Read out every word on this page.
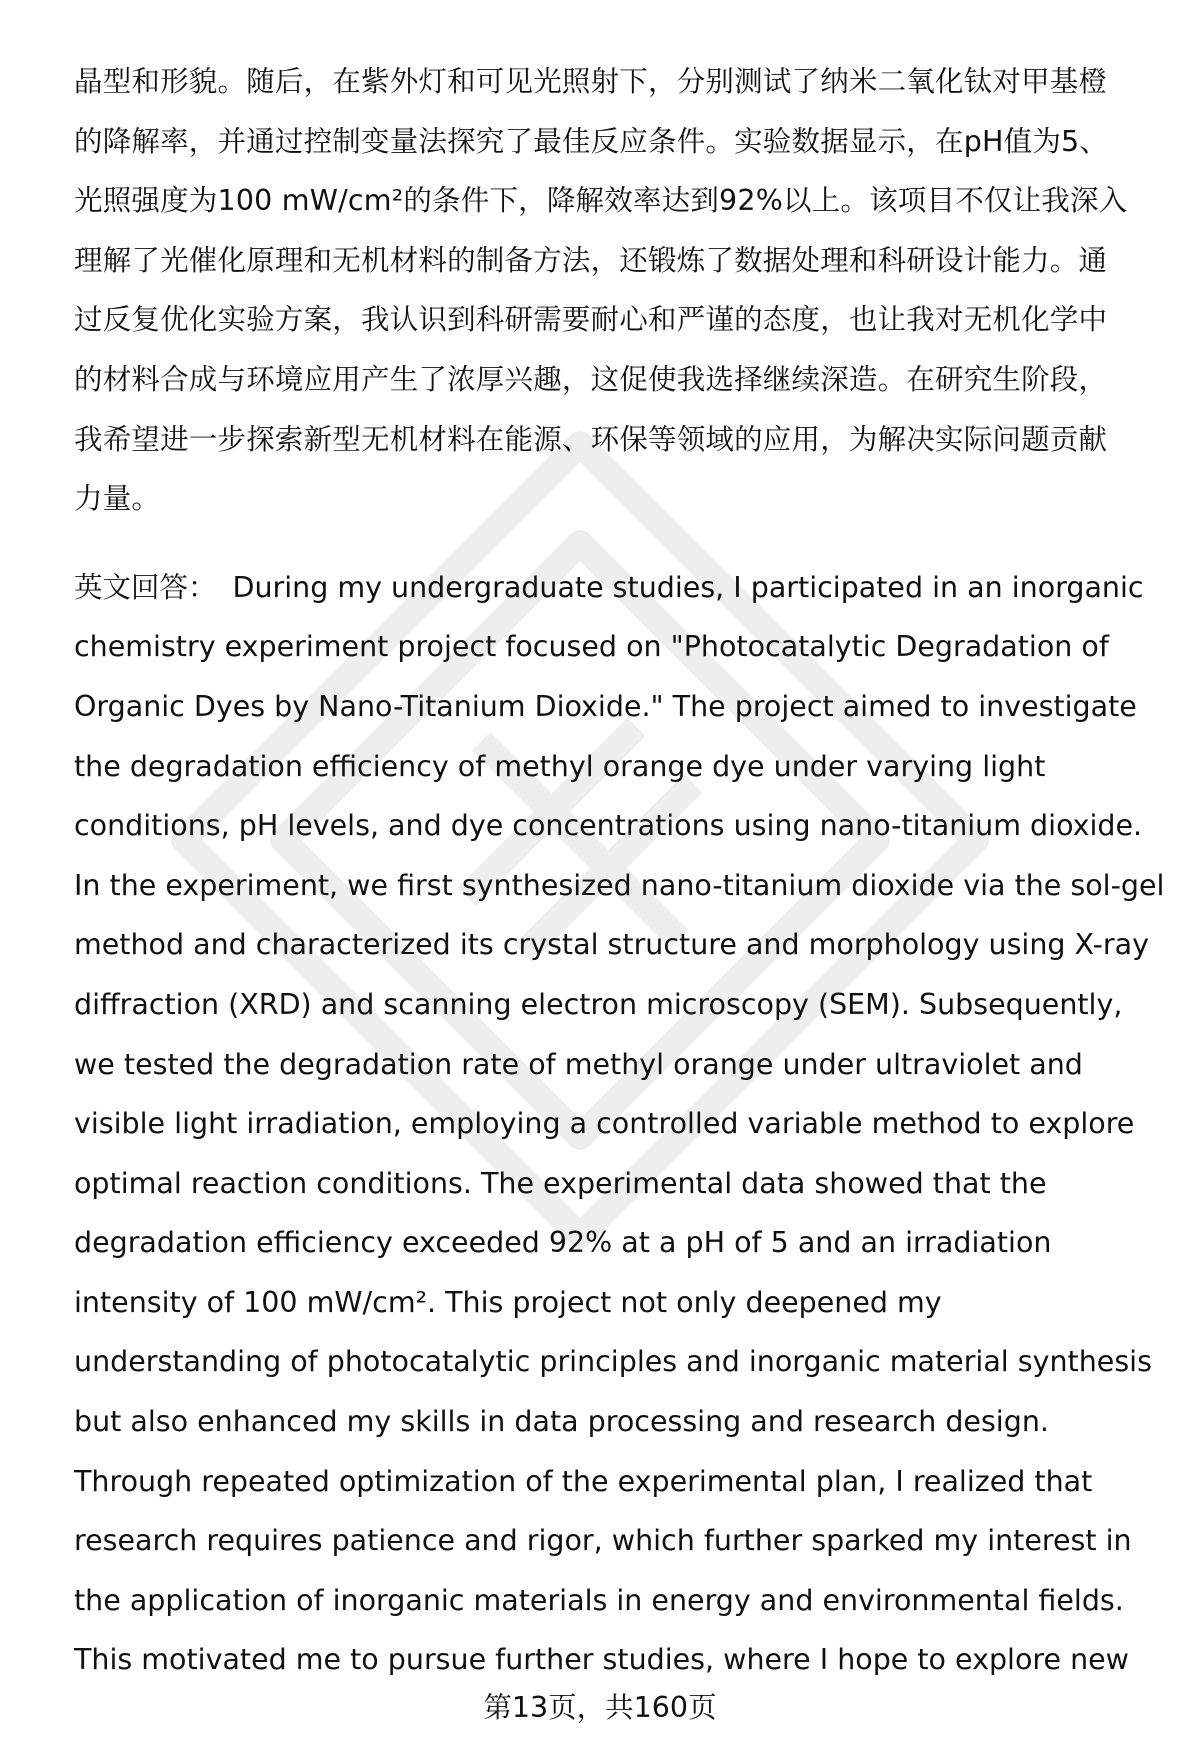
晶型和形貌。随后，在紫外灯和可见光照射下，分别测试了纳米二氧化钛对甲基橙
的降解率，并通过控制变量法探究了最佳反应条件。实验数据显示，在pH值为5、
光照强度为100 mW/cm²的条件下，降解效率达到92%以上。该项目不仅让我深入
理解了光催化原理和无机材料的制备方法，还锻炼了数据处理和科研设计能力。通
过反复优化实验方案，我认识到科研需要耐心和严谨的态度，也让我对无机化学中
的材料合成与环境应用产生了浓厚兴趣，这促使我选择继续深造。在研究生阶段，
我希望进一步探索新型无机材料在能源、环保等领域的应用，为解决实际问题贡献
力量。
英文回答： During my undergraduate studies, I participated in an inorganic
chemistry experiment project focused on "Photocatalytic Degradation of
Organic Dyes by Nano-Titanium Dioxide." The project aimed to investigate
the degradation efficiency of methyl orange dye under varying light
conditions, pH levels, and dye concentrations using nano-titanium dioxide.
In the experiment, we first synthesized nano-titanium dioxide via the sol-gel
method and characterized its crystal structure and morphology using X-ray
diffraction (XRD) and scanning electron microscopy (SEM). Subsequently,
we tested the degradation rate of methyl orange under ultraviolet and
visible light irradiation, employing a controlled variable method to explore
optimal reaction conditions. The experimental data showed that the
degradation efficiency exceeded 92% at a pH of 5 and an irradiation
intensity of 100 mW/cm². This project not only deepened my
understanding of photocatalytic principles and inorganic material synthesis
but also enhanced my skills in data processing and research design.
Through repeated optimization of the experimental plan, I realized that
research requires patience and rigor, which further sparked my interest in
the application of inorganic materials in energy and environmental fields.
This motivated me to pursue further studies, where I hope to explore new
第13页，共160页
